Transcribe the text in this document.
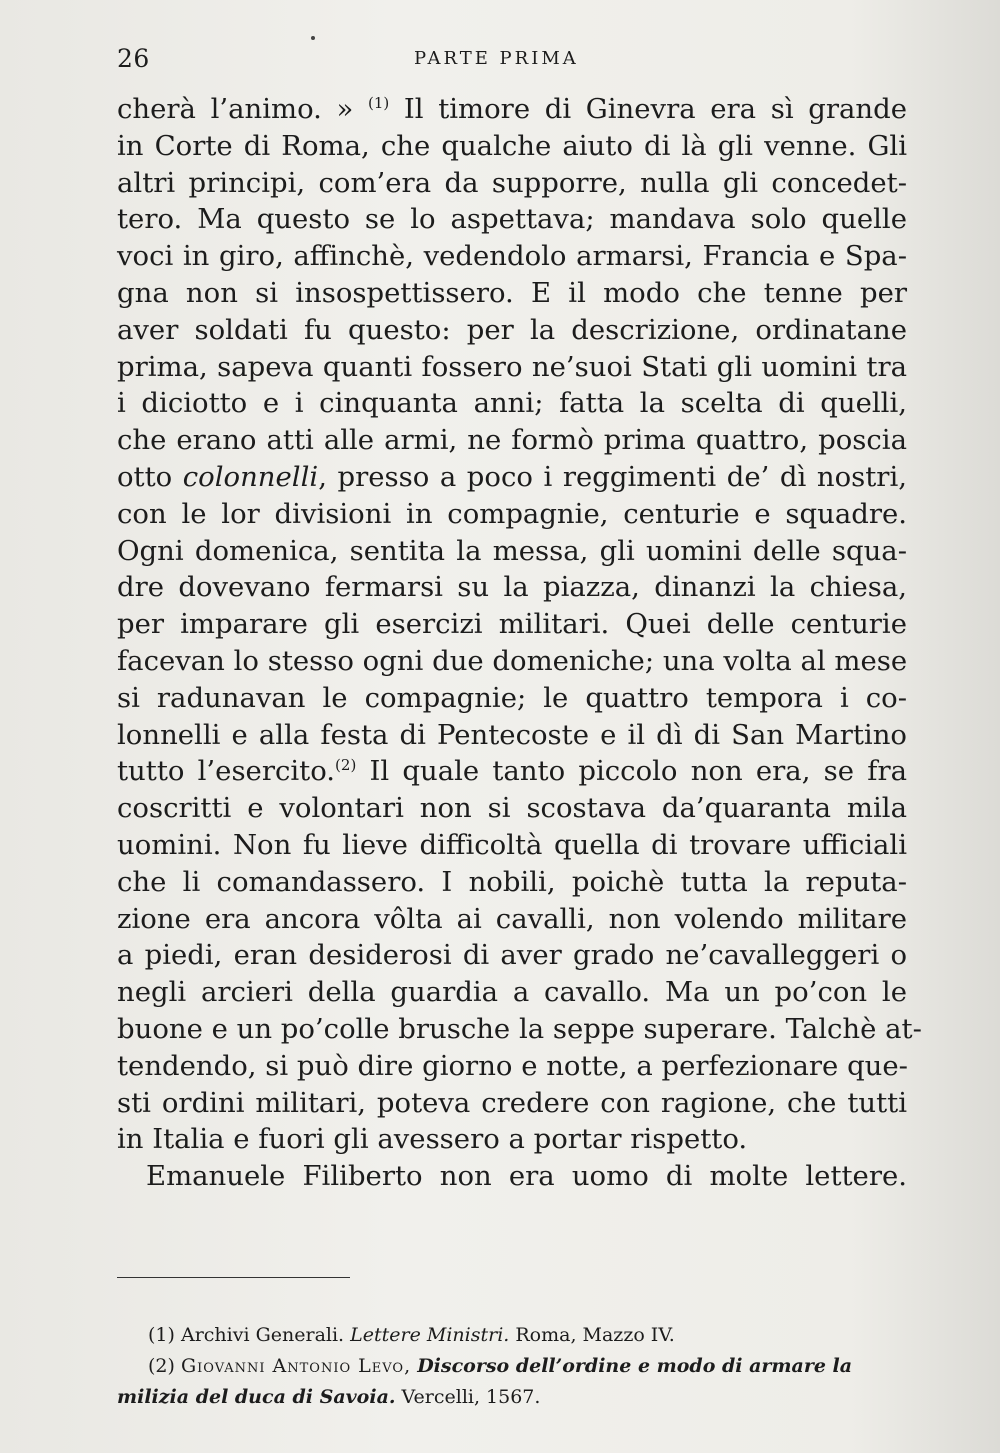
26	PARTE PRIMA
cherà l’animo. » $^{(1)}$ Il timore di Ginevra era sì grande
in Corte di Roma, che qualche aiuto di là gli venne. Gli
altri principi, com’era da supporre, nulla gli concedet-
tero. Ma questo se lo aspettava; mandava solo quelle
voci in giro, affinchè, vedendolo armarsi, Francia e Spa-
gna non si insospettissero. E il modo che tenne per
aver soldati fu questo: per la descrizione, ordinatane
prima, sapeva quanti fossero ne’suoi Stati gli uomini tra
i diciotto e i cinquanta anni; fatta la scelta di quelli,
che erano atti alle armi, ne formò prima quattro, poscia
otto colonnelli, presso a poco i reggimenti de’ dì nostri,
con le lor divisioni in compagnie, centurie e squadre.
Ogni domenica, sentita la messa, gli uomini delle squa-
dre dovevano fermarsi su la piazza, dinanzi la chiesa,
per imparare gli esercizi militari. Quei delle centurie
facevan lo stesso ogni due domeniche; una volta al mese
si radunavan le compagnie; le quattro tempora i co-
lonnelli e alla festa di Pentecoste e il dì di San Martino
tutto l’esercito.$^{(2)}$ Il quale tanto piccolo non era, se fra
coscritti e volontari non si scostava da’quaranta mila
uomini. Non fu lieve difficoltà quella di trovare ufficiali
che li comandassero. I nobili, poichè tutta la reputa-
zione era ancora vôlta ai cavalli, non volendo militare
a piedi, eran desiderosi di aver grado ne’cavalleggeri o
negli arcieri della guardia a cavallo. Ma un po’con le
buone e un po’colle brusche la seppe superare. Talchè at-
tendendo, si può dire giorno e notte, a perfezionare que-
sti ordini militari, poteva credere con ragione, che tutti
in Italia e fuori gli avessero a portar rispetto.
Emanuele Filiberto non era uomo di molte lettere.
(1) Archivi Generali. Lettere Ministri. Roma, Mazzo IV.
(2) Giovanni Antonio Levo, Discorso dell’ordine e modo di armare la
milizia del duca di Savoia. Vercelli, 1567.
